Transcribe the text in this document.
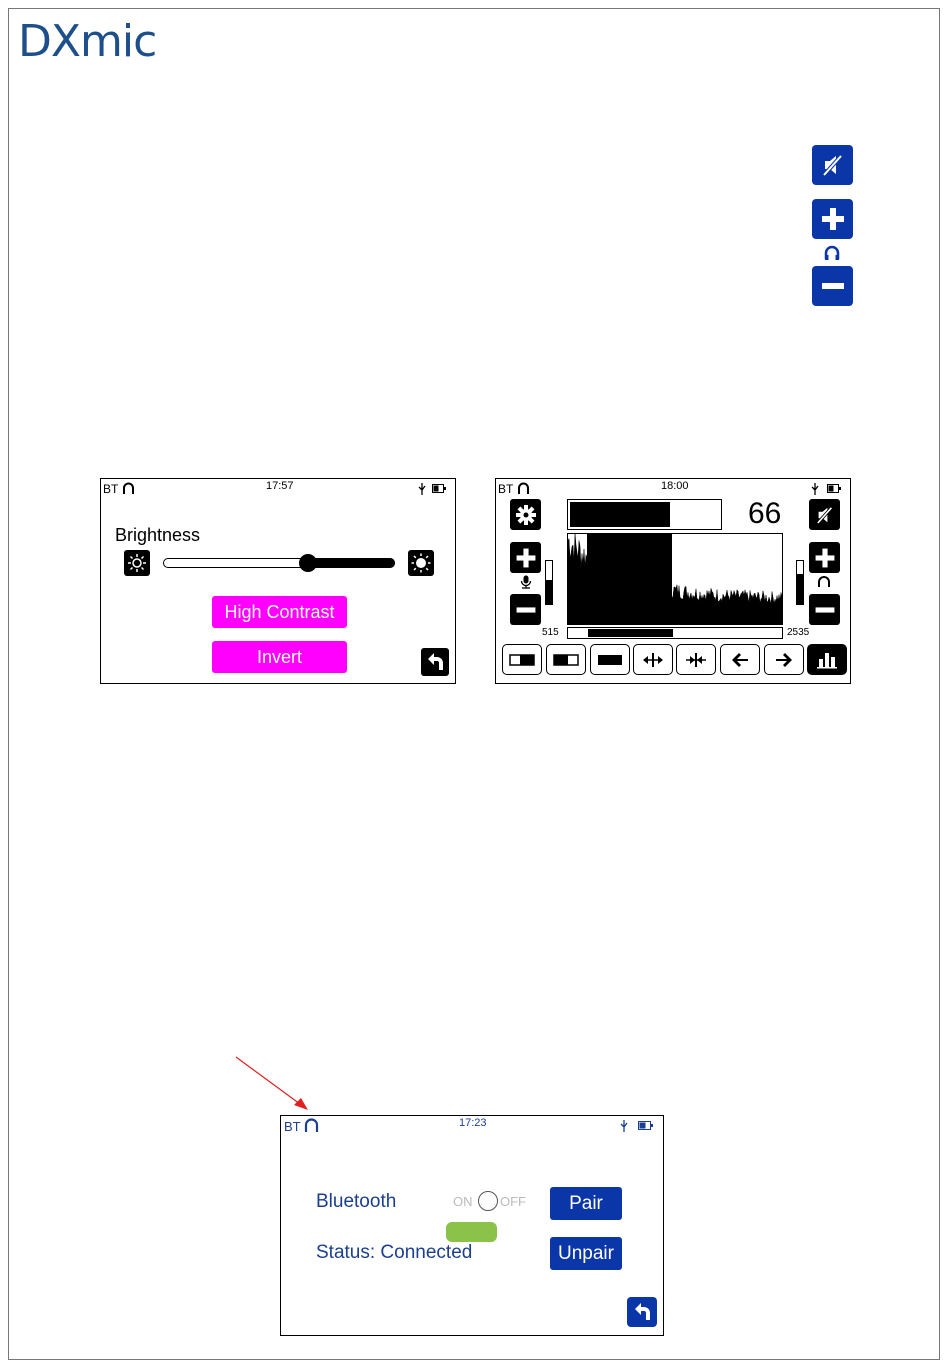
DXmic
BT	17:57
Brightness
High Contrast
Invert
BT	18:00
66
515	2535
BT	17:23
Bluetooth	ON OFF	Pair
Status: Connected	Unpair
